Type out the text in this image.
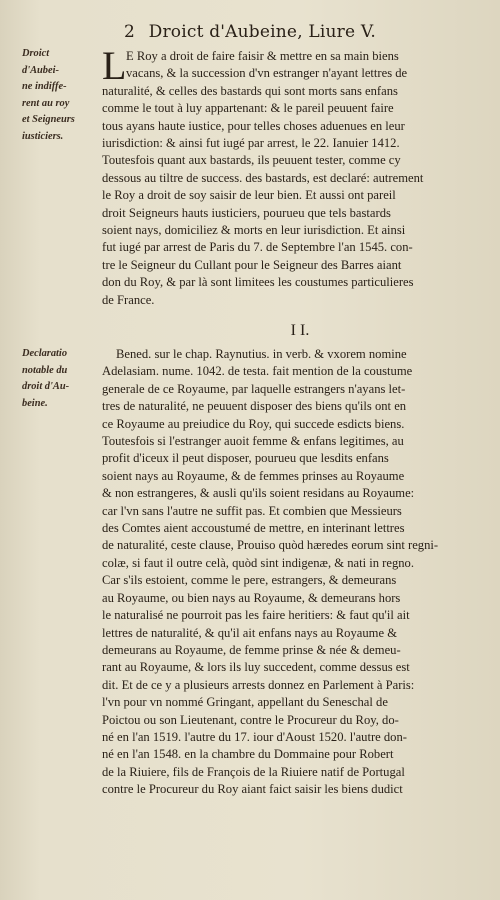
2 Droict d'Aubeine, Liure V.
Droict
d'Aubei-
ne indiffe-
rent au roy
et Seigneurs
iusticiers.
L E Roy a droit de faire faisir & mettre en sa main biens
vacans, & la succession d'vn estranger n'ayant lettres de
naturalité, & celles des bastards qui sont morts sans enfans
comme le tout à luy appartenant: & le pareil peuuent faire
tous ayans haute iustice, pour telles choses aduenues en leur
iurisdiction: & ainsi fut iugé par arrest, le 22. Ianuier 1412.
Toutesfois quant aux bastards, ils peuuent tester, comme cy
dessous au tiltre de success. des bastards, est declaré: autrement
le Roy a droit de soy saisir de leur bien. Et aussi ont pareil
droit Seigneurs hauts iusticiers, pourueu que tels bastards
soient nays, domiciliez & morts en leur iurisdiction. Et ainsi
fut iugé par arrest de Paris du 7. de Septembre l'an 1545. con-
tre le Seigneur du Cullant pour le Seigneur des Barres aiant
don du Roy, & par là sont limitees les coustumes particulieres
de France.
I I.
Declaratio
notable du
droit d'Au-
beine.
Bened. sur le chap. Raynutius. in verb. & vxorem nomine
Adelasiam. nume. 1042. de testa. fait mention de la coustume
generale de ce Royaume, par laquelle estrangers n'ayans let-
tres de naturalité, ne peuuent disposer des biens qu'ils ont en
ce Royaume au preiudice du Roy, qui succede esdicts biens.
Toutesfois si l'estranger auoit femme & enfans legitimes, au
profit d'iceux il peut disposer, pourueu que lesdits enfans
soient nays au Royaume, & de femmes prinses au Royaume
& non estrangeres, & ausli qu'ils soient residans au Royaume:
car l'vn sans l'autre ne suffit pas. Et combien que Messieurs
des Comtes aient accoustumé de mettre, en interinant lettres
de naturalité, ceste clause, Prouiso quòd hæredes eorum sint regni-
colæ, si faut il outre celà, quòd sint indigenæ, & nati in regno.
Car s'ils estoient, comme le pere, estrangers, & demeurans
au Royaume, ou bien nays au Royaume, & demeurans hors
le naturalisé ne pourroit pas les faire heritiers: & faut qu'il ait
lettres de naturalité, & qu'il ait enfans nays au Royaume &
demeurans au Royaume, de femme prinse & née & demeu-
rant au Royaume, & lors ils luy succedent, comme dessus est
dit. Et de ce y a plusieurs arrests donnez en Parlement à Paris:
l'vn pour vn nommé Gringant, appellant du Seneschal de
Poictou ou son Lieutenant, contre le Procureur du Roy, do-
né en l'an 1519. l'autre du 17. iour d'Aoust 1520. l'autre don-
né en l'an 1548. en la chambre du Dommaine pour Robert
de la Riuiere, fils de François de la Riuiere natif de Portugal
contre le Procureur du Roy aiant faict saisir les biens dudict
